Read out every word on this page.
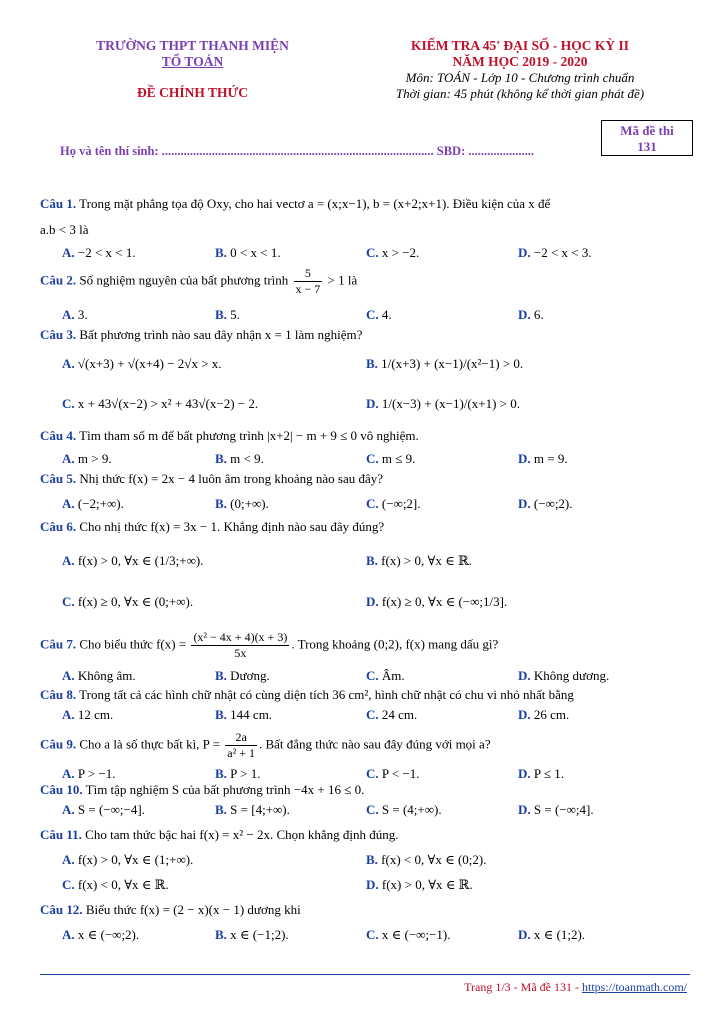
TRƯỜNG THPT THANH MIỆN
TỔ TOÁN
ĐỀ CHÍNH THỨC
KIỂM TRA 45' ĐẠI SỐ - HỌC KỲ II
NĂM HỌC 2019 - 2020
Môn: TOÁN - Lớp 10 - Chương trình chuẩn
Thời gian: 45 phút (không kể thời gian phát đề)
Họ và tên thí sinh: ....................................................................................... SBD: .....................
Mã đề thi
131
Câu 1. Trong mặt phẳng tọa độ Oxy, cho hai vectơ a = (x;x−1), b = (x+2;x+1). Điều kiện của x để
a.b < 3 là
A. −2 < x < 1.	B. 0 < x < 1.	C. x > −2.	D. −2 < x < 3.
Câu 2. Số nghiệm nguyên của bất phương trình $\frac{5}{x - 7} > 1$ là
A. 3.	B. 5.	C. 4.	D. 6.
Câu 3. Bất phương trình nào sau đây nhận x = 1 làm nghiệm?
A. √(x+3) + √(x+4) − 2√x > x.	B. 1/(x+3) + (x−1)/(x²−1) > 0.
C. x + 43√(x−2) > x² + 43√(x−2) − 2.	D. 1/(x−3) + (x−1)/(x+1) > 0.
Câu 4. Tìm tham số m để bất phương trình |x+2| − m + 9 ≤ 0 vô nghiệm.
A. m > 9.	B. m < 9.	C. m ≤ 9.	D. m = 9.
Câu 5. Nhị thức f(x) = 2x − 4 luôn âm trong khoảng nào sau đây?
A. (−2;+∞).	B. (0;+∞).	C. (−∞;2].	D. (−∞;2).
Câu 6. Cho nhị thức f(x) = 3x − 1. Khẳng định nào sau đây đúng?
A. f(x) > 0, ∀x ∈ (1/3;+∞).	B. f(x) > 0, ∀x ∈ ℝ.
C. f(x) ≥ 0, ∀x ∈ (0;+∞).	D. f(x) ≥ 0, ∀x ∈ (−∞;1/3].
Câu 7. Cho biểu thức $f(x) = \frac{\text{(x² − 4x + 4)(x + 3)}}{5x}$ . Trong khoảng (0;2), f(x) mang dấu gì?
A. Không âm.	B. Dương.	C. Âm.	D. Không dương.
Câu 8. Trong tất cả các hình chữ nhật có cùng diện tích 36 cm², hình chữ nhật có chu vi nhỏ nhất bằng
A. 12 cm.	B. 144 cm.	C. 24 cm.	D. 26 cm.
Câu 9. Cho a là số thực bất kì, $P = \frac{2a}{\text{a² + 1}}$ . Bất đẳng thức nào sau đây đúng với mọi a?
A. P > −1.	B. P > 1.	C. P < −1.	D. P ≤ 1.
Câu 10. Tìm tập nghiệm S của bất phương trình −4x + 16 ≤ 0.
A. S = (−∞;−4].	B. S = [4;+∞).	C. S = (4;+∞).	D. S = (−∞;4].
Câu 11. Cho tam thức bậc hai f(x) = x² − 2x. Chọn khẳng định đúng.
A. f(x) > 0, ∀x ∈ (1;+∞).	B. f(x) < 0, ∀x ∈ (0;2).
C. f(x) < 0, ∀x ∈ ℝ.	D. f(x) > 0, ∀x ∈ ℝ.
Câu 12. Biểu thức f(x) = (2 − x)(x − 1) dương khi
A. x ∈ (−∞;2).	B. x ∈ (−1;2).	C. x ∈ (−∞;−1).	D. x ∈ (1;2).
Trang 1/3 - Mã đề 131 - https://toanmath.com/
